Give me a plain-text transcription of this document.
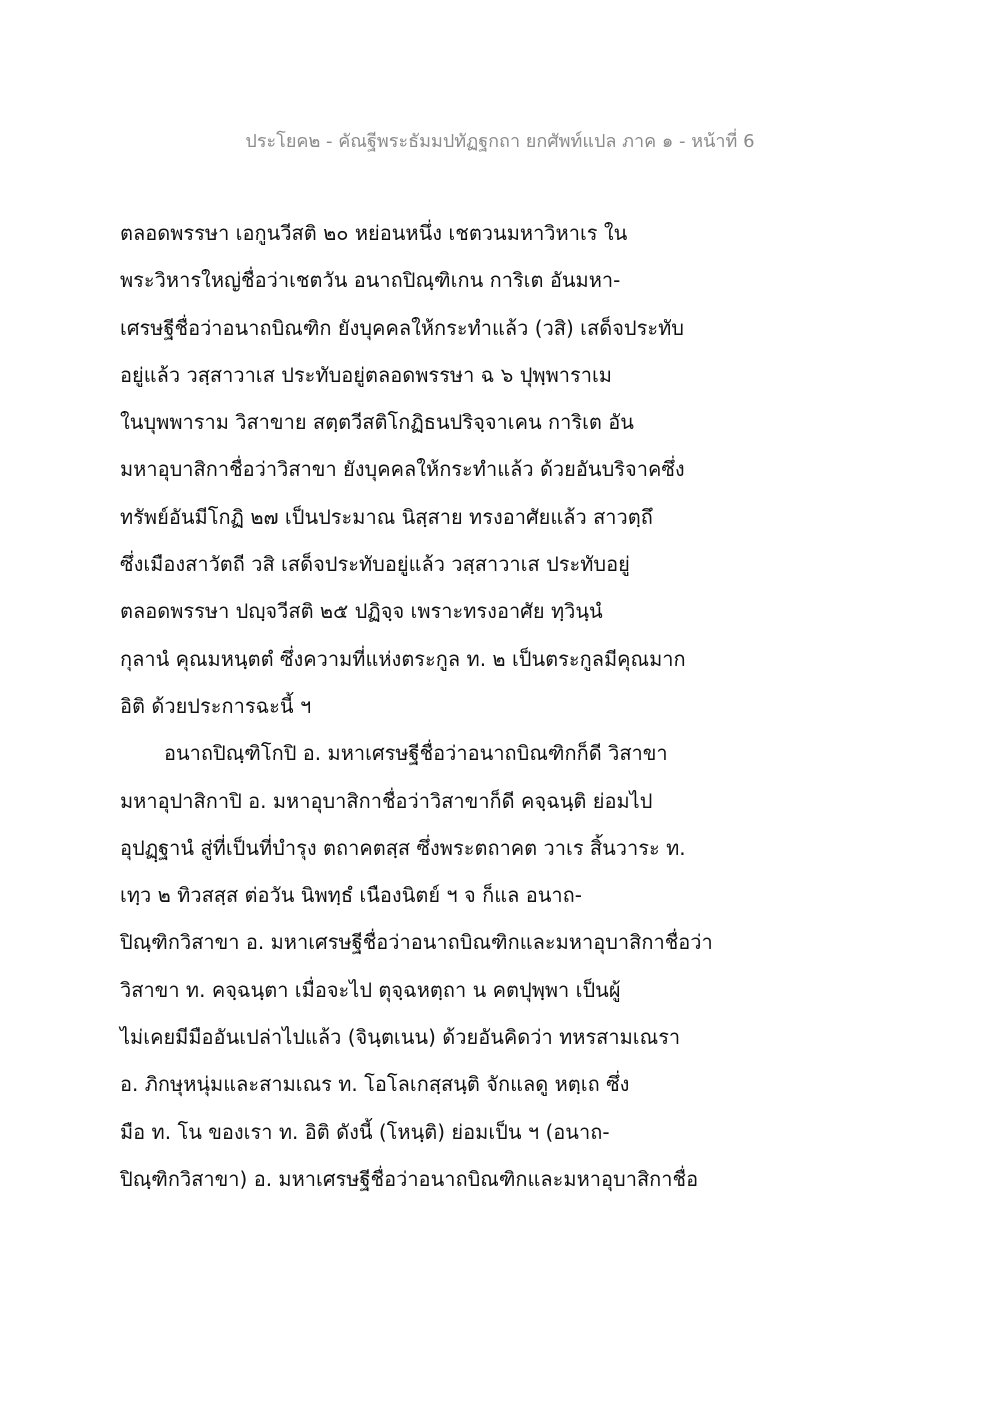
ประโยค๒ - คัณฐีพระธัมมปทัฏฐกถา ยกศัพท์แปล ภาค ๑ - หน้าที่ 6
ตลอดพรรษา เอกูนวีสติ ๒๐ หย่อนหนึ่ง เชตวนมหาวิหาเร ใน
พระวิหารใหญ่ชื่อว่าเชตวัน อนาถปิณฺฑิเกน การิเต อันมหา-
เศรษฐีชื่อว่าอนาถบิณฑิก ยังบุคคลให้กระทำแล้ว (วสิ) เสด็จประทับ
อยู่แล้ว วสฺสาวาเส ประทับอยู่ตลอดพรรษา ฉ ๖ ปุพฺพาราเม
ในบุพพาราม วิสาขาย สตฺตวีสติโกฏิธนปริจฺจาเคน การิเต อัน
มหาอุบาสิกาชื่อว่าวิสาขา ยังบุคคลให้กระทำแล้ว ด้วยอันบริจาคซึ่ง
ทรัพย์อันมีโกฏิ ๒๗ เป็นประมาณ นิสฺสาย ทรงอาศัยแล้ว สาวตฺถึ
ซึ่งเมืองสาวัตถี วสิ เสด็จประทับอยู่แล้ว วสฺสาวาเส ประทับอยู่
ตลอดพรรษา ปญฺจวีสติ ๒๕ ปฏิจฺจ เพราะทรงอาศัย ทฺวินฺนํ
กุลานํ คุณมหนฺตตํ ซึ่งความที่แห่งตระกูล ท. ๒ เป็นตระกูลมีคุณมาก
อิติ ด้วยประการฉะนี้ ฯ
อนาถปิณฺฑิโกปิ อ. มหาเศรษฐีชื่อว่าอนาถบิณฑิกก็ดี วิสาขา
มหาอุปาสิกาปิ อ. มหาอุบาสิกาชื่อว่าวิสาขาก็ดี คจฺฉนฺติ ย่อมไป
อุปฏฺฐานํ สู่ที่เป็นที่บำรุง ตถาคตสฺส ซึ่งพระตถาคต วาเร สิ้นวาระ ท.
เทฺว ๒ ทิวสสฺส ต่อวัน นิพทฺธํ เนืองนิตย์ ฯ จ ก็แล อนาถ-
ปิณฺฑิกวิสาขา อ. มหาเศรษฐีชื่อว่าอนาถบิณฑิกและมหาอุบาสิกาชื่อว่า
วิสาขา ท. คจฺฉนฺตา เมื่อจะไป ตุจฺฉหตฺถา น คตปุพฺพา เป็นผู้
ไม่เคยมีมืออันเปล่าไปแล้ว (จินฺตเนน) ด้วยอันคิดว่า ทหรสามเณรา
อ. ภิกษุหนุ่มและสามเณร ท. โอโลเกสฺสนฺติ จักแลดู หตฺเถ ซึ่ง
มือ ท. โน ของเรา ท. อิติ ดังนี้ (โหนฺติ) ย่อมเป็น ฯ (อนาถ-
ปิณฺฑิกวิสาขา) อ. มหาเศรษฐีชื่อว่าอนาถบิณฑิกและมหาอุบาสิกาชื่อ
